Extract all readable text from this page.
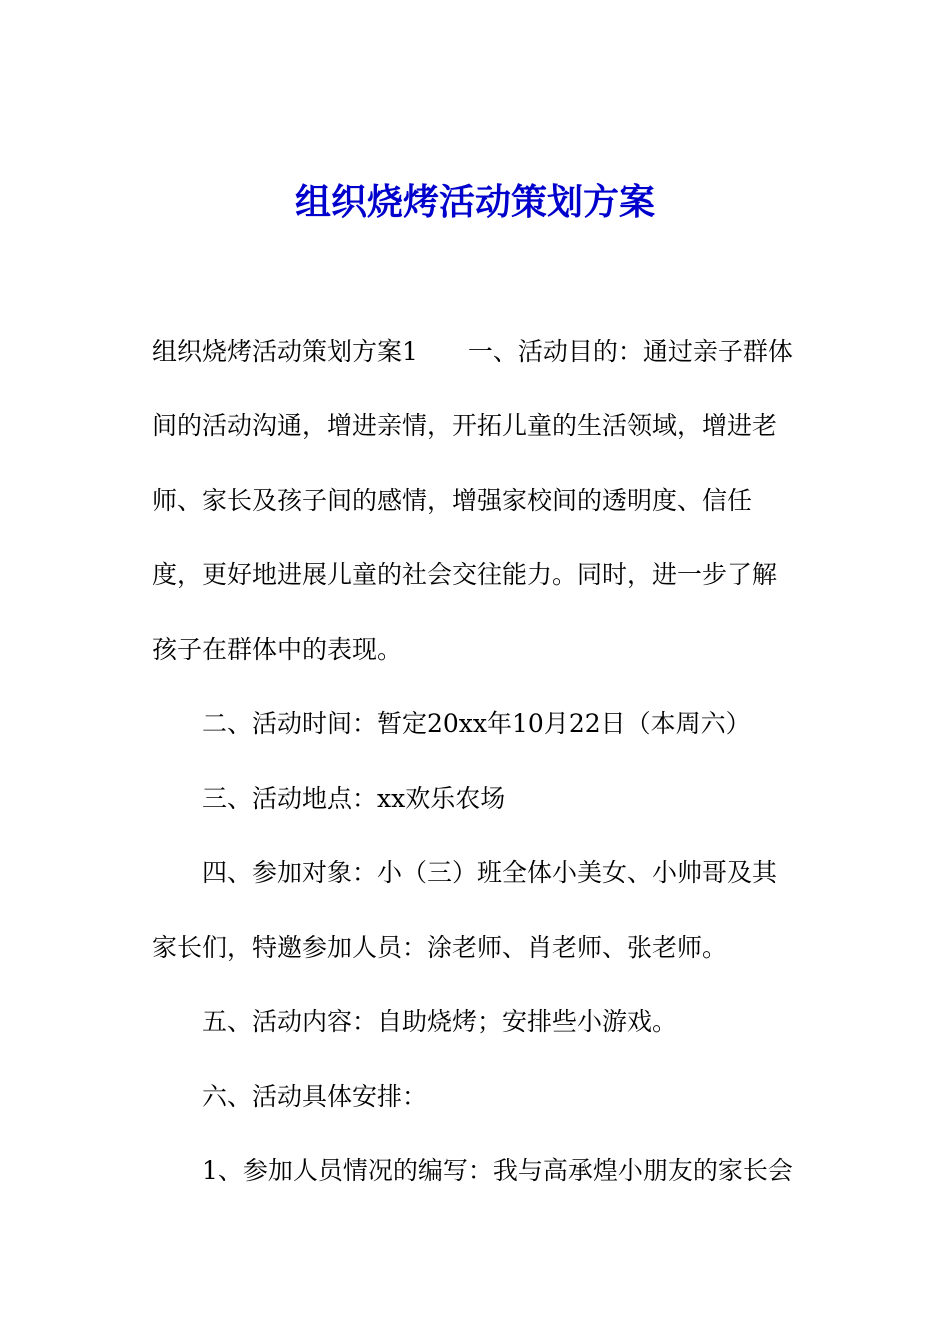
组织烧烤活动策划方案
组织烧烤活动策划方案1 一、活动目的：通过亲子群体
间的活动沟通，增进亲情，开拓儿童的生活领域，增进老
师、家长及孩子间的感情，增强家校间的透明度、信任
度，更好地进展儿童的社会交往能力。同时，进一步了解
孩子在群体中的表现。
二、活动时间：暂定20xx年10月22日（本周六）
三、活动地点：xx欢乐农场
四、参加对象：小（三）班全体小美女、小帅哥及其
家长们，特邀参加人员：涂老师、肖老师、张老师。
五、活动内容：自助烧烤；安排些小游戏。
六、活动具体安排：
1、参加人员情况的编写：我与高承煌小朋友的家长会
